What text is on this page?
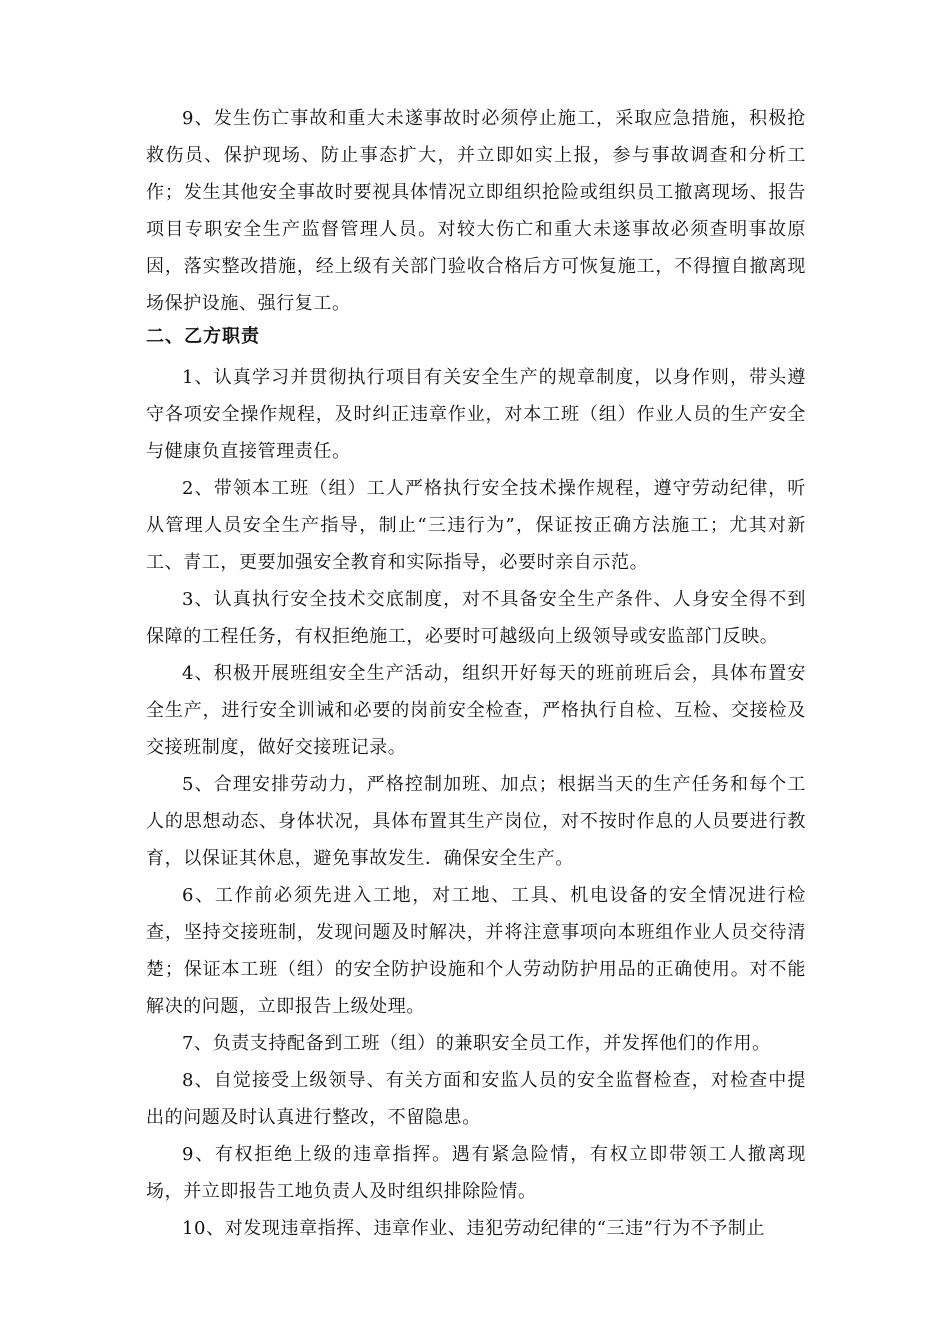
9、发生伤亡事故和重大未遂事故时必须停止施工，采取应急措施，积极抢救伤员、保护现场、防止事态扩大，并立即如实上报，参与事故调查和分析工作；发生其他安全事故时要视具体情况立即组织抢险或组织员工撤离现场、报告项目专职安全生产监督管理人员。对较大伤亡和重大未遂事故必须查明事故原因，落实整改措施，经上级有关部门验收合格后方可恢复施工，不得擅自撤离现场保护设施、强行复工。

二、乙方职责

1、认真学习并贯彻执行项目有关安全生产的规章制度，以身作则，带头遵守各项安全操作规程，及时纠正违章作业，对本工班（组）作业人员的生产安全与健康负直接管理责任。

2、带领本工班（组）工人严格执行安全技术操作规程，遵守劳动纪律，听从管理人员安全生产指导，制止“三违行为”，保证按正确方法施工；尤其对新工、青工，更要加强安全教育和实际指导，必要时亲自示范。

3、认真执行安全技术交底制度，对不具备安全生产条件、人身安全得不到保障的工程任务，有权拒绝施工，必要时可越级向上级领导或安监部门反映。

4、积极开展班组安全生产活动，组织开好每天的班前班后会，具体布置安全生产，进行安全训诫和必要的岗前安全检查，严格执行自检、互检、交接检及交接班制度，做好交接班记录。

5、合理安排劳动力，严格控制加班、加点；根据当天的生产任务和每个工人的思想动态、身体状况，具体布置其生产岗位，对不按时作息的人员要进行教育，以保证其休息，避免事故发生．确保安全生产。

6、工作前必须先进入工地，对工地、工具、机电设备的安全情况进行检查，坚持交接班制，发现问题及时解决，并将注意事项向本班组作业人员交待清楚；保证本工班（组）的安全防护设施和个人劳动防护用品的正确使用。对不能解决的问题，立即报告上级处理。

7、负责支持配备到工班（组）的兼职安全员工作，并发挥他们的作用。

8、自觉接受上级领导、有关方面和安监人员的安全监督检查，对检查中提出的问题及时认真进行整改，不留隐患。

9、有权拒绝上级的违章指挥。遇有紧急险情，有权立即带领工人撤离现场，并立即报告工地负责人及时组织排除险情。

10、对发现违章指挥、违章作业、违犯劳动纪律的“三违”行为不予制止
